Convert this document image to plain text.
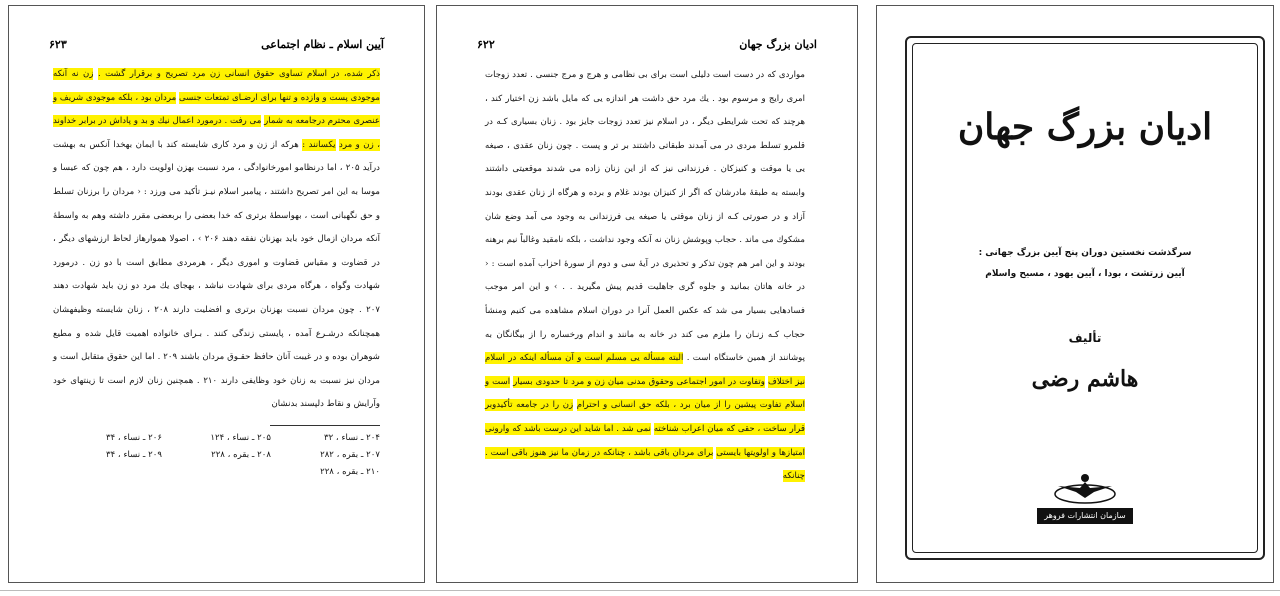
آیین اسلام ـ نظام اجتماعی
۶۲۳
ذکر شده، در اسلام تساوی حقوق انسانی زن مرد تصریح و برقرار گشت . زن نه آنکه موجودی پست و وازده و تنها برای ارضـای تمتعات جنسی مردان بود ، بلکه موجودی شریف و عنصری محترم درجامعه به شمار می رفت . درمورد اعمال نیك و بد و پاداش در برابر خداوند ، زن و مرد یکسانند : هرکه از زن و مرد کاری شایسته کند با ایمان بهخدا آنکس به بهشت درآید ۲۰۵ ، اما درنظامو امورخانوادگی ، مرد نسبت بهزن اولویت دارد ، هم چون که عیسا و موسا به این امر تصریح داشتند ، پیامبر اسلام نیـز تأکید می ورزد : ‹ مردان را برزنان تسلط و حق نگهبانی است ، بهواسطهٔ برتری که خدا بعضی را بربعضی مقرر داشته وهم به واسطهٔ آنکه مردان ازمال خود باید بهزنان نفقه دهند ۲۰۶ › ، اصولا هموارهاز لحاظ ارزشهای دیگر ، در قضاوت و مقیاس قضاوت و اموری دیگر ، هرمردی مطابق است با دو زن . درمورد شهادت وگواه ، هرگاه مردی برای شهادت نباشد ، بهجای یك مرد دو زن باید شهادت دهند ۲۰۷ . چون مردان نسبت بهزنان برتری و افضلیت دارند ۲۰۸ ، زنان شایسته وظیفهشان همچنانکه درشـرع آمده ، پایستی زندگی کنند . بـرای خانواده اهمیت قایل شده و مطیع شوهران بوده و در غیبت آنان حافظ حقـوق مردان باشند ۲۰۹ . اما این حقوق متقابل است و مردان نیز نسبت به زنان خود وظایفی دارند ۲۱۰ . همچنین زنان لازم است تا زینتهای خود وآرایش و نقاط دلپسند بدنشان
۲۰۴ ـ نساء ، ۳۲
۲۰۵ ـ نساء ، ۱۲۴
۲۰۶ ـ نساء ، ۳۴
۲۰۷ ـ بقره ، ۲۸۲
۲۰۸ ـ بقره ، ۲۲۸
۲۰۹ ـ نساء ، ۳۴
۲۱۰ ـ بقره ، ۲۲۸
ادیان بزرگ جهان
۶۲۲
مواردی که در دست است دلیلی است برای بی نظامی و هرج و مرج جنسی . تعدد زوجات امری رایج و مرسوم بود . یك مرد حق داشت هر اندازه یی که مایل باشد زن اختیار کند ، هرچند که تحت شرایطی دیگر ، در اسلام نیز تعدد زوجات جایز بود . زنان بسیاری کـه در قلمرو تسلط مردی در می آمدند طبقاتی داشتند بر تر و پست . چون زنان عقدی ، صیغه یی یا موقت و کنیزکان . فرزندانی نیز که از این زنان زاده می شدند موقعیتی داشتند وابسته به طبقهٔ مادرشان که اگر از کنیزان بودند غلام و برده و هرگاه از زنان عقدی بودند آزاد و در صورتی کـه از زنان موقتی یا صیغه یی فرزندانی به وجود می آمد وضع شان مشکوك می ماند . حجاب وپوشش زنان نه آنکه وجود نداشت ، بلکه نامقید وغالباً نیم برهنه بودند و این امر هم چون تذکر و تحذیری در آیهٔ سی و دوم از سورهٔ احزاب آمده است : ‹ در خانه هاتان بمانید و جلوه گری جاهلیت قدیم پیش مگیرید . . › و این امر موجب فسادهایی بسیار می شد که عکس العمل آنرا در دوران اسلام مشاهده می کنیم ومنشأ حجاب کـه زنـان را ملزم می کند در خانه به مانند و اندام ورخساره را از بیگانگان به پوشانند از همین خاستگاه است . البته مسأله یی مسلم است و آن مسأله اینکه در اسلام نیز اختلاف وتفاوت در امور اجتماعی وحقوق مدنی میان زن و مرد تا حدودی بسیار است و اسلام تفاوت پیشین را از میان برد ، بلکه حق انسانی و احترام زن را در جامعه تأکیدوبر قرار ساخت ، حقی که میان اعراب شناخته نمی شد . اما شاید این درست باشد که وارونی امتیازها و اولویتها بایستی برای مردان باقی باشد ، چنانکه در زمان ما نیز هنوز باقی است . چنانکه
ادیان بزرگ جهان
سرگذشت نخستین دوران پنج آیین بزرگ جهانی :
آیین زرتشت ، بودا ، آیین یهود ، مسیح واسلام
تألیف
هاشم رضی
سازمان انتشارات فروهر
